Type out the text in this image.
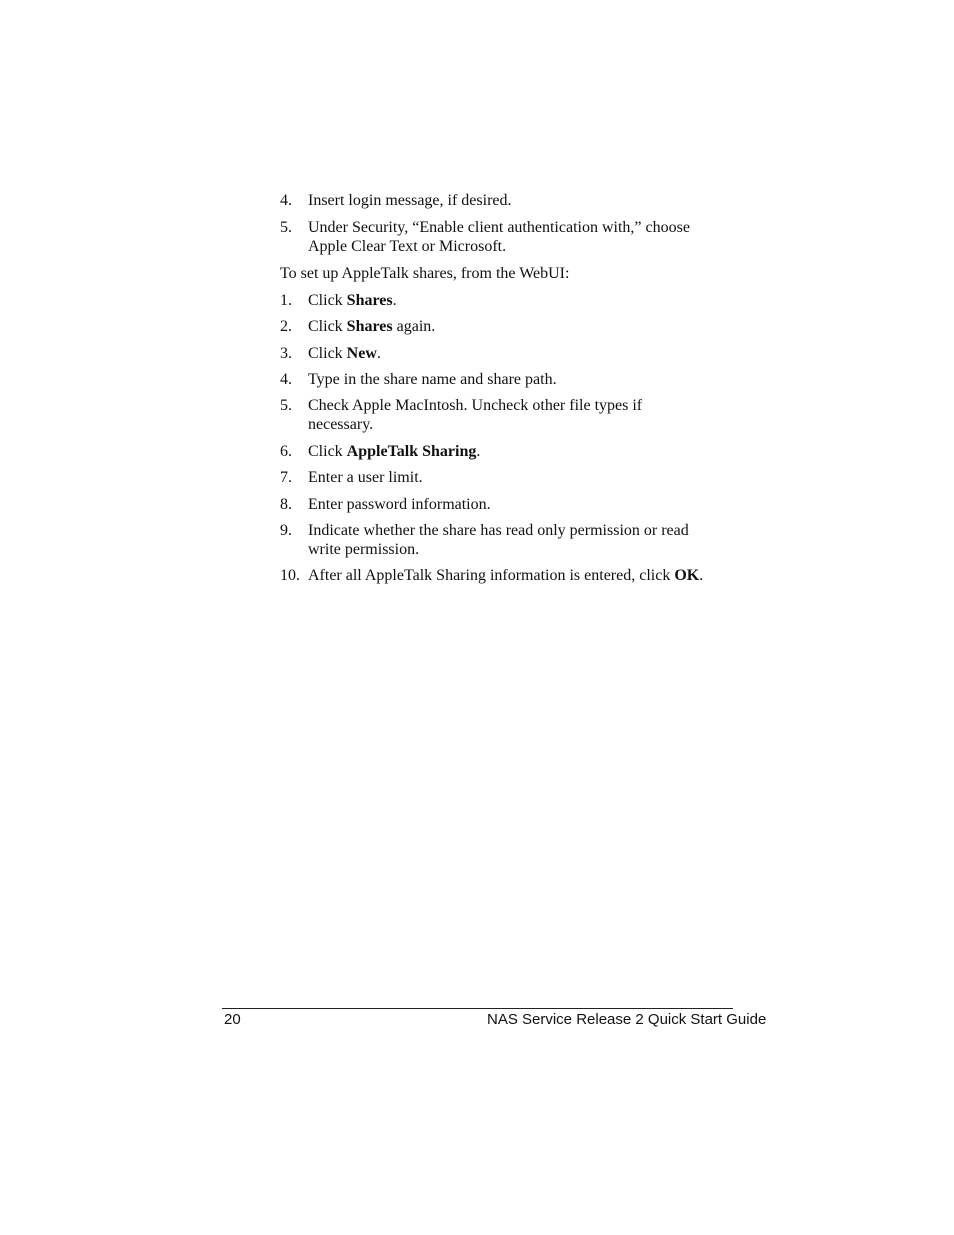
4.	Insert login message, if desired.
5.	Under Security, “Enable client authentication with,” choose
Apple Clear Text or Microsoft.

To set up AppleTalk shares, from the WebUI:

1.	Click Shares.
2.	Click Shares again.
3.	Click New.
4.	Type in the share name and share path.
5.	Check Apple MacIntosh. Uncheck other file types if
necessary.
6.	Click AppleTalk Sharing.
7.	Enter a user limit.
8.	Enter password information.
9.	Indicate whether the share has read only permission or read
write permission.
10. After all AppleTalk Sharing information is entered, click OK.
20	NAS Service Release 2 Quick Start Guide
